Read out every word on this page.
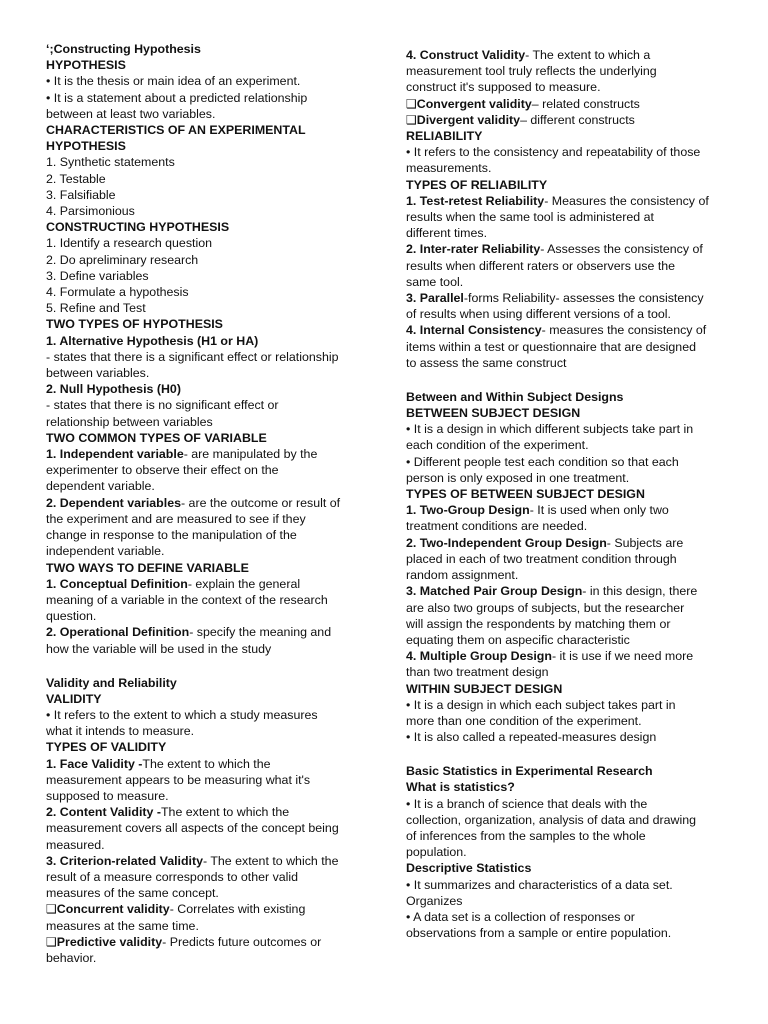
‘;Constructing Hypothesis
HYPOTHESIS
• It is the thesis or main idea of an experiment.
• It is a statement about a predicted relationship
between at least two variables.
CHARACTERISTICS OF AN EXPERIMENTAL
HYPOTHESIS
1. Synthetic statements
2. Testable
3. Falsifiable
4. Parsimonious
CONSTRUCTING HYPOTHESIS
1. Identify a research question
2. Do apreliminary research
3. Define variables
4. Formulate a hypothesis
5. Refine and Test
TWO TYPES OF HYPOTHESIS
1. Alternative Hypothesis (H1 or HA)
- states that there is a significant effect or relationship
between variables.
2. Null Hypothesis (H0)
- states that there is no significant effect or
relationship between variables
TWO COMMON TYPES OF VARIABLE
1. Independent variable- are manipulated by the
experimenter to observe their effect on the
dependent variable.
2. Dependent variables- are the outcome or result of
the experiment and are measured to see if they
change in response to the manipulation of the
independent variable.
TWO WAYS TO DEFINE VARIABLE
1. Conceptual Definition- explain the general
meaning of a variable in the context of the research
question.
2. Operational Definition- specify the meaning and
how the variable will be used in the study
Validity and Reliability
VALIDITY
• It refers to the extent to which a study measures
what it intends to measure.
TYPES OF VALIDITY
1. Face Validity -The extent to which the
measurement appears to be measuring what it's
supposed to measure.
2. Content Validity -The extent to which the
measurement covers all aspects of the concept being
measured.
3. Criterion-related Validity- The extent to which the
result of a measure corresponds to other valid
measures of the same concept.
❑Concurrent validity- Correlates with existing
measures at the same time.
❑Predictive validity- Predicts future outcomes or
behavior.
4. Construct Validity- The extent to which a
measurement tool truly reflects the underlying
construct it's supposed to measure.
❑Convergent validity– related constructs
❑Divergent validity– different constructs
RELIABILITY
• It refers to the consistency and repeatability of those
measurements.
TYPES OF RELIABILITY
1. Test-retest Reliability- Measures the consistency of
results when the same tool is administered at
different times.
2. Inter-rater Reliability- Assesses the consistency of
results when different raters or observers use the
same tool.
3. Parallel-forms Reliability- assesses the consistency
of results when using different versions of a tool.
4. Internal Consistency- measures the consistency of
items within a test or questionnaire that are designed
to assess the same construct
Between and Within Subject Designs
BETWEEN SUBJECT DESIGN
• It is a design in which different subjects take part in
each condition of the experiment.
• Different people test each condition so that each
person is only exposed in one treatment.
TYPES OF BETWEEN SUBJECT DESIGN
1. Two-Group Design- It is used when only two
treatment conditions are needed.
2. Two-Independent Group Design- Subjects are
placed in each of two treatment condition through
random assignment.
3. Matched Pair Group Design- in this design, there
are also two groups of subjects, but the researcher
will assign the respondents by matching them or
equating them on aspecific characteristic
4. Multiple Group Design- it is use if we need more
than two treatment design
WITHIN SUBJECT DESIGN
• It is a design in which each subject takes part in
more than one condition of the experiment.
• It is also called a repeated-measures design
Basic Statistics in Experimental Research
What is statistics?
• It is a branch of science that deals with the
collection, organization, analysis of data and drawing
of inferences from the samples to the whole
population.
Descriptive Statistics
• It summarizes and characteristics of a data set.
Organizes
• A data set is a collection of responses or
observations from a sample or entire population.
